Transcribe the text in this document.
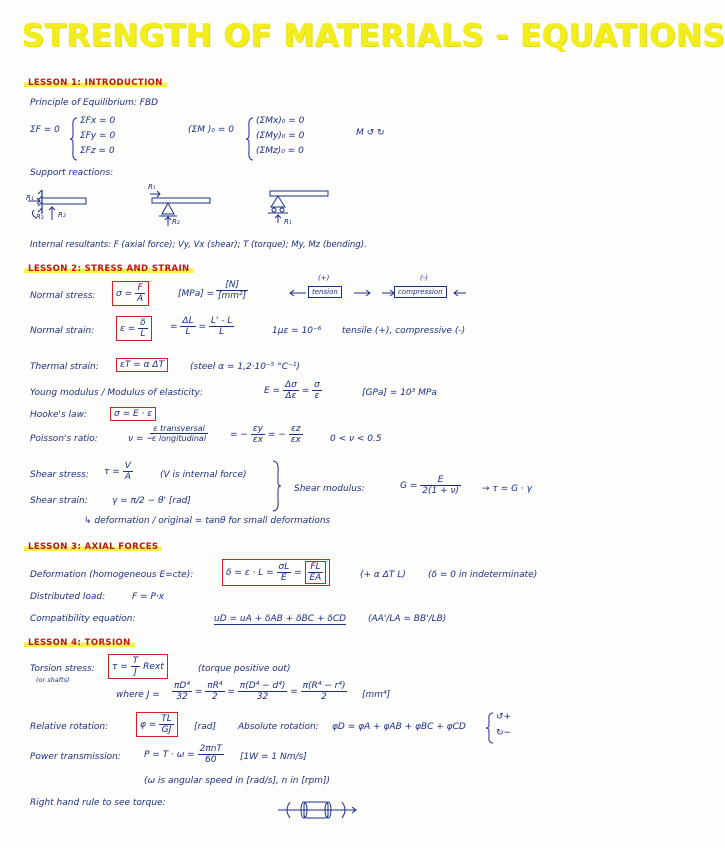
STRENGTH OF MATERIALS - EQUATIONS
LESSON 1: INTRODUCTION
Principle of Equilibrium: FBD
ΣF = 0
ΣFx = 0
ΣFy = 0
ΣFz = 0
(ΣM )₀ = 0
(ΣMx)₀ = 0
(ΣMy)₀ = 0
(ΣMz)₀ = 0
M ↺ ↻
Support reactions:
R₁
R₂
R₃
R₁
R₂	R₁
Internal resultants: F (axial force); Vy, Vx (shear); T (torque); My, Mz (bending).
LESSON 2: STRESS AND STRAIN
Normal stress:	$\sigma = \frac{F}{A}$	$[MPa] = \frac{[N]}{\text{[mm²]}}$
(+)
tension
(-)
compression
Normal strain:	$\varepsilon = \frac{\delta}{L} = \frac{\Delta L}{L} = \frac{L' - L}{L}$	1με = 10⁻⁶ tensile (+), compressive (-)
Thermal strain:	εT = α ΔT	(steel α = 1,2·10⁻⁵ °C⁻¹)
Young modulus / Modulus of elasticity:	$E = \frac{\Delta\sigma}{\Delta\varepsilon} = \frac{\sigma}{\varepsilon}$	[GPa] = 10³ MPa
Hooke's law:	σ = E · ε
Poisson's ratio:	ν = −
$\frac{\text{ε transversal}}{\text{ε longitudinal}}$ = − $\frac{\varepsilon y}{\varepsilon x}$ = − $\frac{\varepsilon z}{\varepsilon x}$	0 < ν < 0.5
Shear stress: $\tau = \frac{V}{A}$	(V is internal force)
Shear strain:	γ = π/2 − θ' [rad]
Shear modulus:	$G = \frac{E}{2(1 + \nu)} \to \tau = G \cdot \gamma$
↳ deformation / original = tanθ for small deformations
LESSON 3: AXIAL FORCES
Deformation (homogeneous E=cte):	$\delta = \varepsilon \cdot L = \frac{\sigma L}{E} = \frac{FL}{EA}$	(+ α ΔT L) (δ = 0 in indeterminate)
Distributed load:	F = P·x
Compatibility equation:	uD = uA + δAB + δBC + δCD (AA'/LA = BB'/LB)
LESSON 4: TORSION
Torsion stress:
(or shafts)
$\tau = \frac{T}{J}$ Rext	(torque positive out)
where $J = \frac{\text{πD⁴}}{32} = \frac{\text{πR⁴}}{2} = \frac{\text{π(D⁴ − d⁴)}}{32} = \frac{\text{π(R⁴ − r⁴)}}{2} [mm^4]$
Relative rotation:	$\varphi = \frac{TL}{GJ} [rad]$ Absolute rotation: φD = φA + φAB + φBC + φCD
↺+
↻−
Power transmission:	$P = T \cdot \omega = \frac{\text{2πnT}}{60} [1W = 1$ Nm/s]
(ω is angular speed in [rad/s], n in [rpm])
Right hand rule to see torque:
